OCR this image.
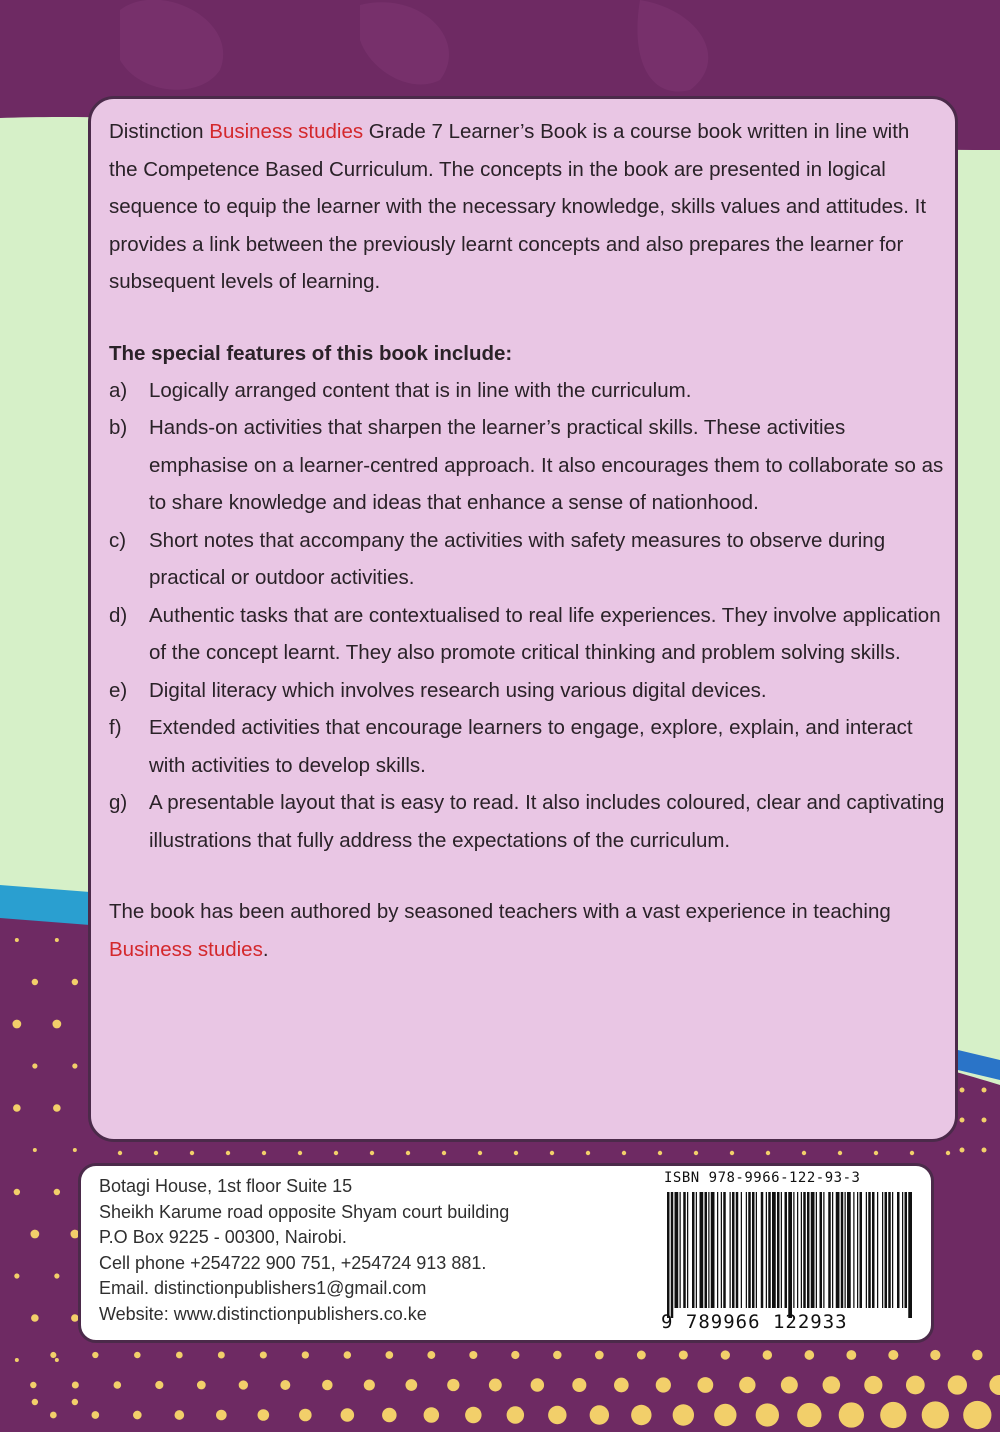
Distinction Business studies Grade 7 Learner’s Book is a course book written in line with the Competence Based Curriculum. The concepts in the book are presented in logical sequence to equip the learner with the necessary knowledge, skills values and attitudes. It provides a link between the previously learnt concepts and also prepares the learner for subsequent levels of learning.

The special features of this book include:

a) Logically arranged content that is in line with the curriculum.
b) Hands-on activities that sharpen the learner’s practical skills. These activities emphasise on a learner-centred approach. It also encourages them to collaborate so as to share knowledge and ideas that enhance a sense of nationhood.
c) Short notes that accompany the activities with safety measures to observe during practical or outdoor activities.
d) Authentic tasks that are contextualised to real life experiences. They involve application of the concept learnt. They also promote critical thinking and problem solving skills.
e) Digital literacy which involves research using various digital devices.
f) Extended activities that encourage learners to engage, explore, explain, and interact with activities to develop skills.
g) A presentable layout that is easy to read. It also includes coloured, clear and captivating illustrations that fully address the expectations of the curriculum.

The book has been authored by seasoned teachers with a vast experience in teaching Business studies.

Botagi House, 1st floor Suite 15
Sheikh Karume road opposite Shyam court building
P.O Box 9225 - 00300, Nairobi.
Cell phone +254722 900 751, +254724 913 881.
Email. distinctionpublishers1@gmail.com
Website: www.distinctionpublishers.co.ke
ISBN 978-9966-122-93-3
9 789966 122933
